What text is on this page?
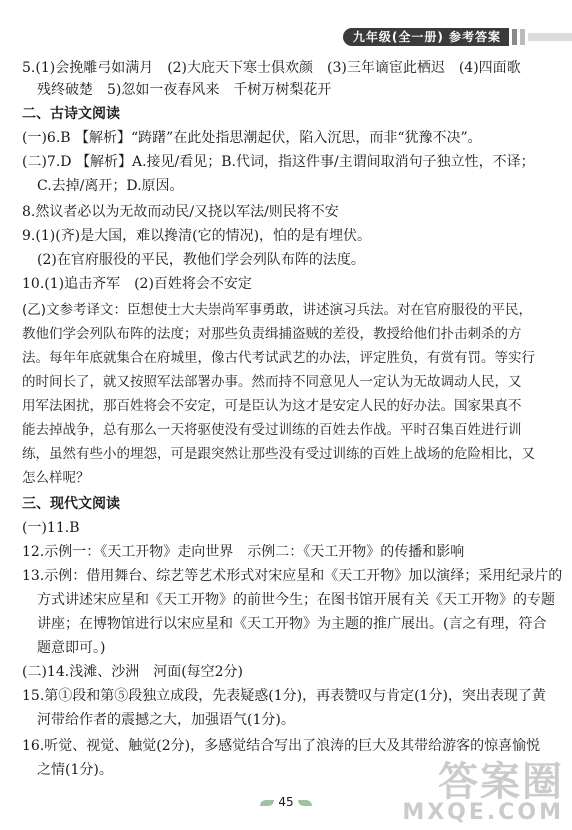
九年级(全一册) 参考答案
5.(1)会挽雕弓如满月　(2)大庇天下寒士俱欢颜　(3)三年谪宦此栖迟　(4)四面歌
残终破楚　5)忽如一夜春风来　千树万树梨花开
二、古诗文阅读
(一)6.B 【解析】“踌躇”在此处指思潮起伏，陷入沉思，而非“犹豫不决”。
(二)7.D 【解析】A.接见/看见；B.代词，指这件事/主谓间取消句子独立性，不译；
C.去掉/离开；D.原因。
8.然议者必以为无故而动民/又挠以军法/则民将不安
9.(1)(齐)是大国，难以搀清(它的情况)，怕的是有埋伏。
(2)在官府服役的平民，教他们学会列队布阵的法度。
10.(1)追击齐军　(2)百姓将会不安定
(乙)文参考译文：臣想使士大夫崇尚军事勇敢，讲述演习兵法。对在官府服役的平民，
教他们学会列队布阵的法度；对那些负责缉捕盗贼的差役，教授给他们扑击刺杀的方
法。每年年底就集合在府城里，像古代考试武艺的办法，评定胜负，有赏有罚。等实行
的时间长了，就又按照军法部署办事。然而持不同意见人一定认为无故调动人民，又
用军法困扰，那百姓将会不安定，可是臣认为这才是安定人民的好办法。国家果真不
能去掉战争，总有那么一天将驱使没有受过训练的百姓去作战。平时召集百姓进行训
练，虽然有些小的埋怨，可是跟突然让那些没有受过训练的百姓上战场的危险相比，又
怎么样呢？
三、现代文阅读
(一)11.B
12.示例一：《天工开物》走向世界　示例二：《天工开物》的传播和影响
13.示例：借用舞台、综艺等艺术形式对宋应星和《天工开物》加以演绎；采用纪录片的
方式讲述宋应星和《天工开物》的前世今生；在图书馆开展有关《天工开物》的专题
讲座；在博物馆进行以宋应星和《天工开物》为主题的推广展出。(言之有理，符合
题意即可。)
(二)14.浅滩、沙洲　河面(每空2分)
15.第①段和第⑤段独立成段，先表疑惑(1分)，再表赞叹与肯定(1分)，突出表现了黄
河带给作者的震撼之大，加强语气(1分)。
16.听觉、视觉、触觉(2分)，多感觉结合写出了浪涛的巨大及其带给游客的惊喜愉悦
之情(1分)。
45	答案圈
MXQE.COM
